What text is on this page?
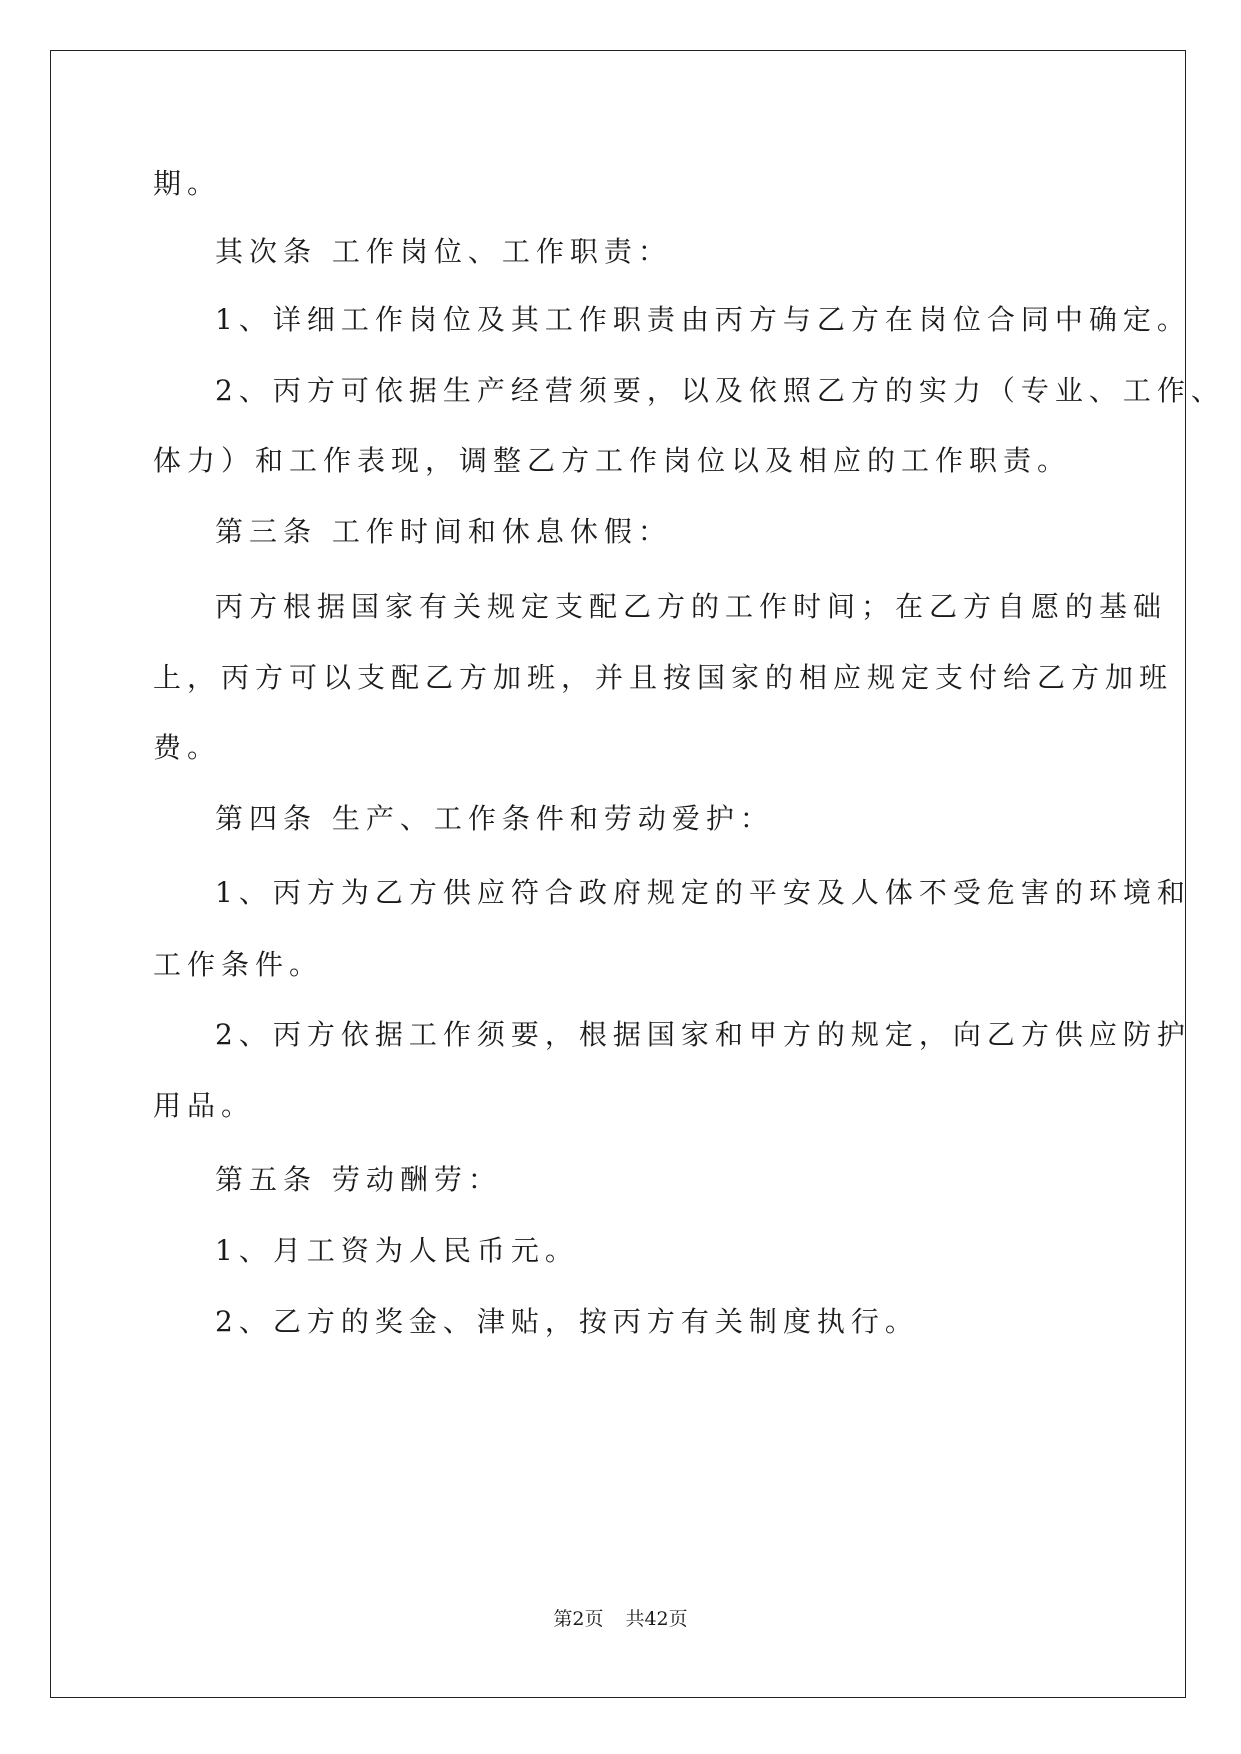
期。
其次条 工作岗位、工作职责：
1、详细工作岗位及其工作职责由丙方与乙方在岗位合同中确定。
2、丙方可依据生产经营须要，以及依照乙方的实力（专业、工作、
体力）和工作表现，调整乙方工作岗位以及相应的工作职责。
第三条 工作时间和休息休假：
丙方根据国家有关规定支配乙方的工作时间；在乙方自愿的基础
上，丙方可以支配乙方加班，并且按国家的相应规定支付给乙方加班
费。
第四条 生产、工作条件和劳动爱护：
1、丙方为乙方供应符合政府规定的平安及人体不受危害的环境和
工作条件。
2、丙方依据工作须要，根据国家和甲方的规定，向乙方供应防护
用品。
第五条 劳动酬劳：
1、月工资为人民币元。
2、乙方的奖金、津贴，按丙方有关制度执行。
第2页 共42页
